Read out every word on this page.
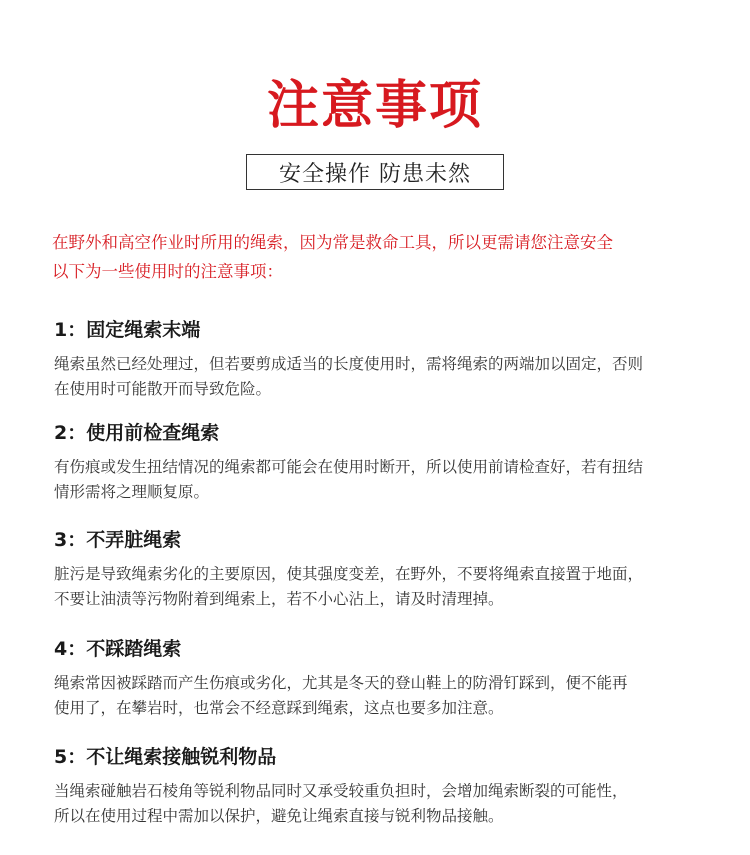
注意事项
安全操作 防患未然
在野外和高空作业时所用的绳索，因为常是救命工具，所以更需请您注意安全
以下为一些使用时的注意事项：
1：固定绳索末端
绳索虽然已经处理过，但若要剪成适当的长度使用时，需将绳索的两端加以固定，否则
在使用时可能散开而导致危险。
2：使用前检查绳索
有伤痕或发生扭结情况的绳索都可能会在使用时断开，所以使用前请检查好，若有扭结
情形需将之理顺复原。
3：不弄脏绳索
脏污是导致绳索劣化的主要原因，使其强度变差，在野外，不要将绳索直接置于地面，
不要让油渍等污物附着到绳索上，若不小心沾上，请及时清理掉。
4：不踩踏绳索
绳索常因被踩踏而产生伤痕或劣化，尤其是冬天的登山鞋上的防滑钉踩到，便不能再
使用了，在攀岩时，也常会不经意踩到绳索，这点也要多加注意。
5：不让绳索接触锐利物品
当绳索碰触岩石棱角等锐利物品同时又承受较重负担时，会增加绳索断裂的可能性，
所以在使用过程中需加以保护，避免让绳索直接与锐利物品接触。
